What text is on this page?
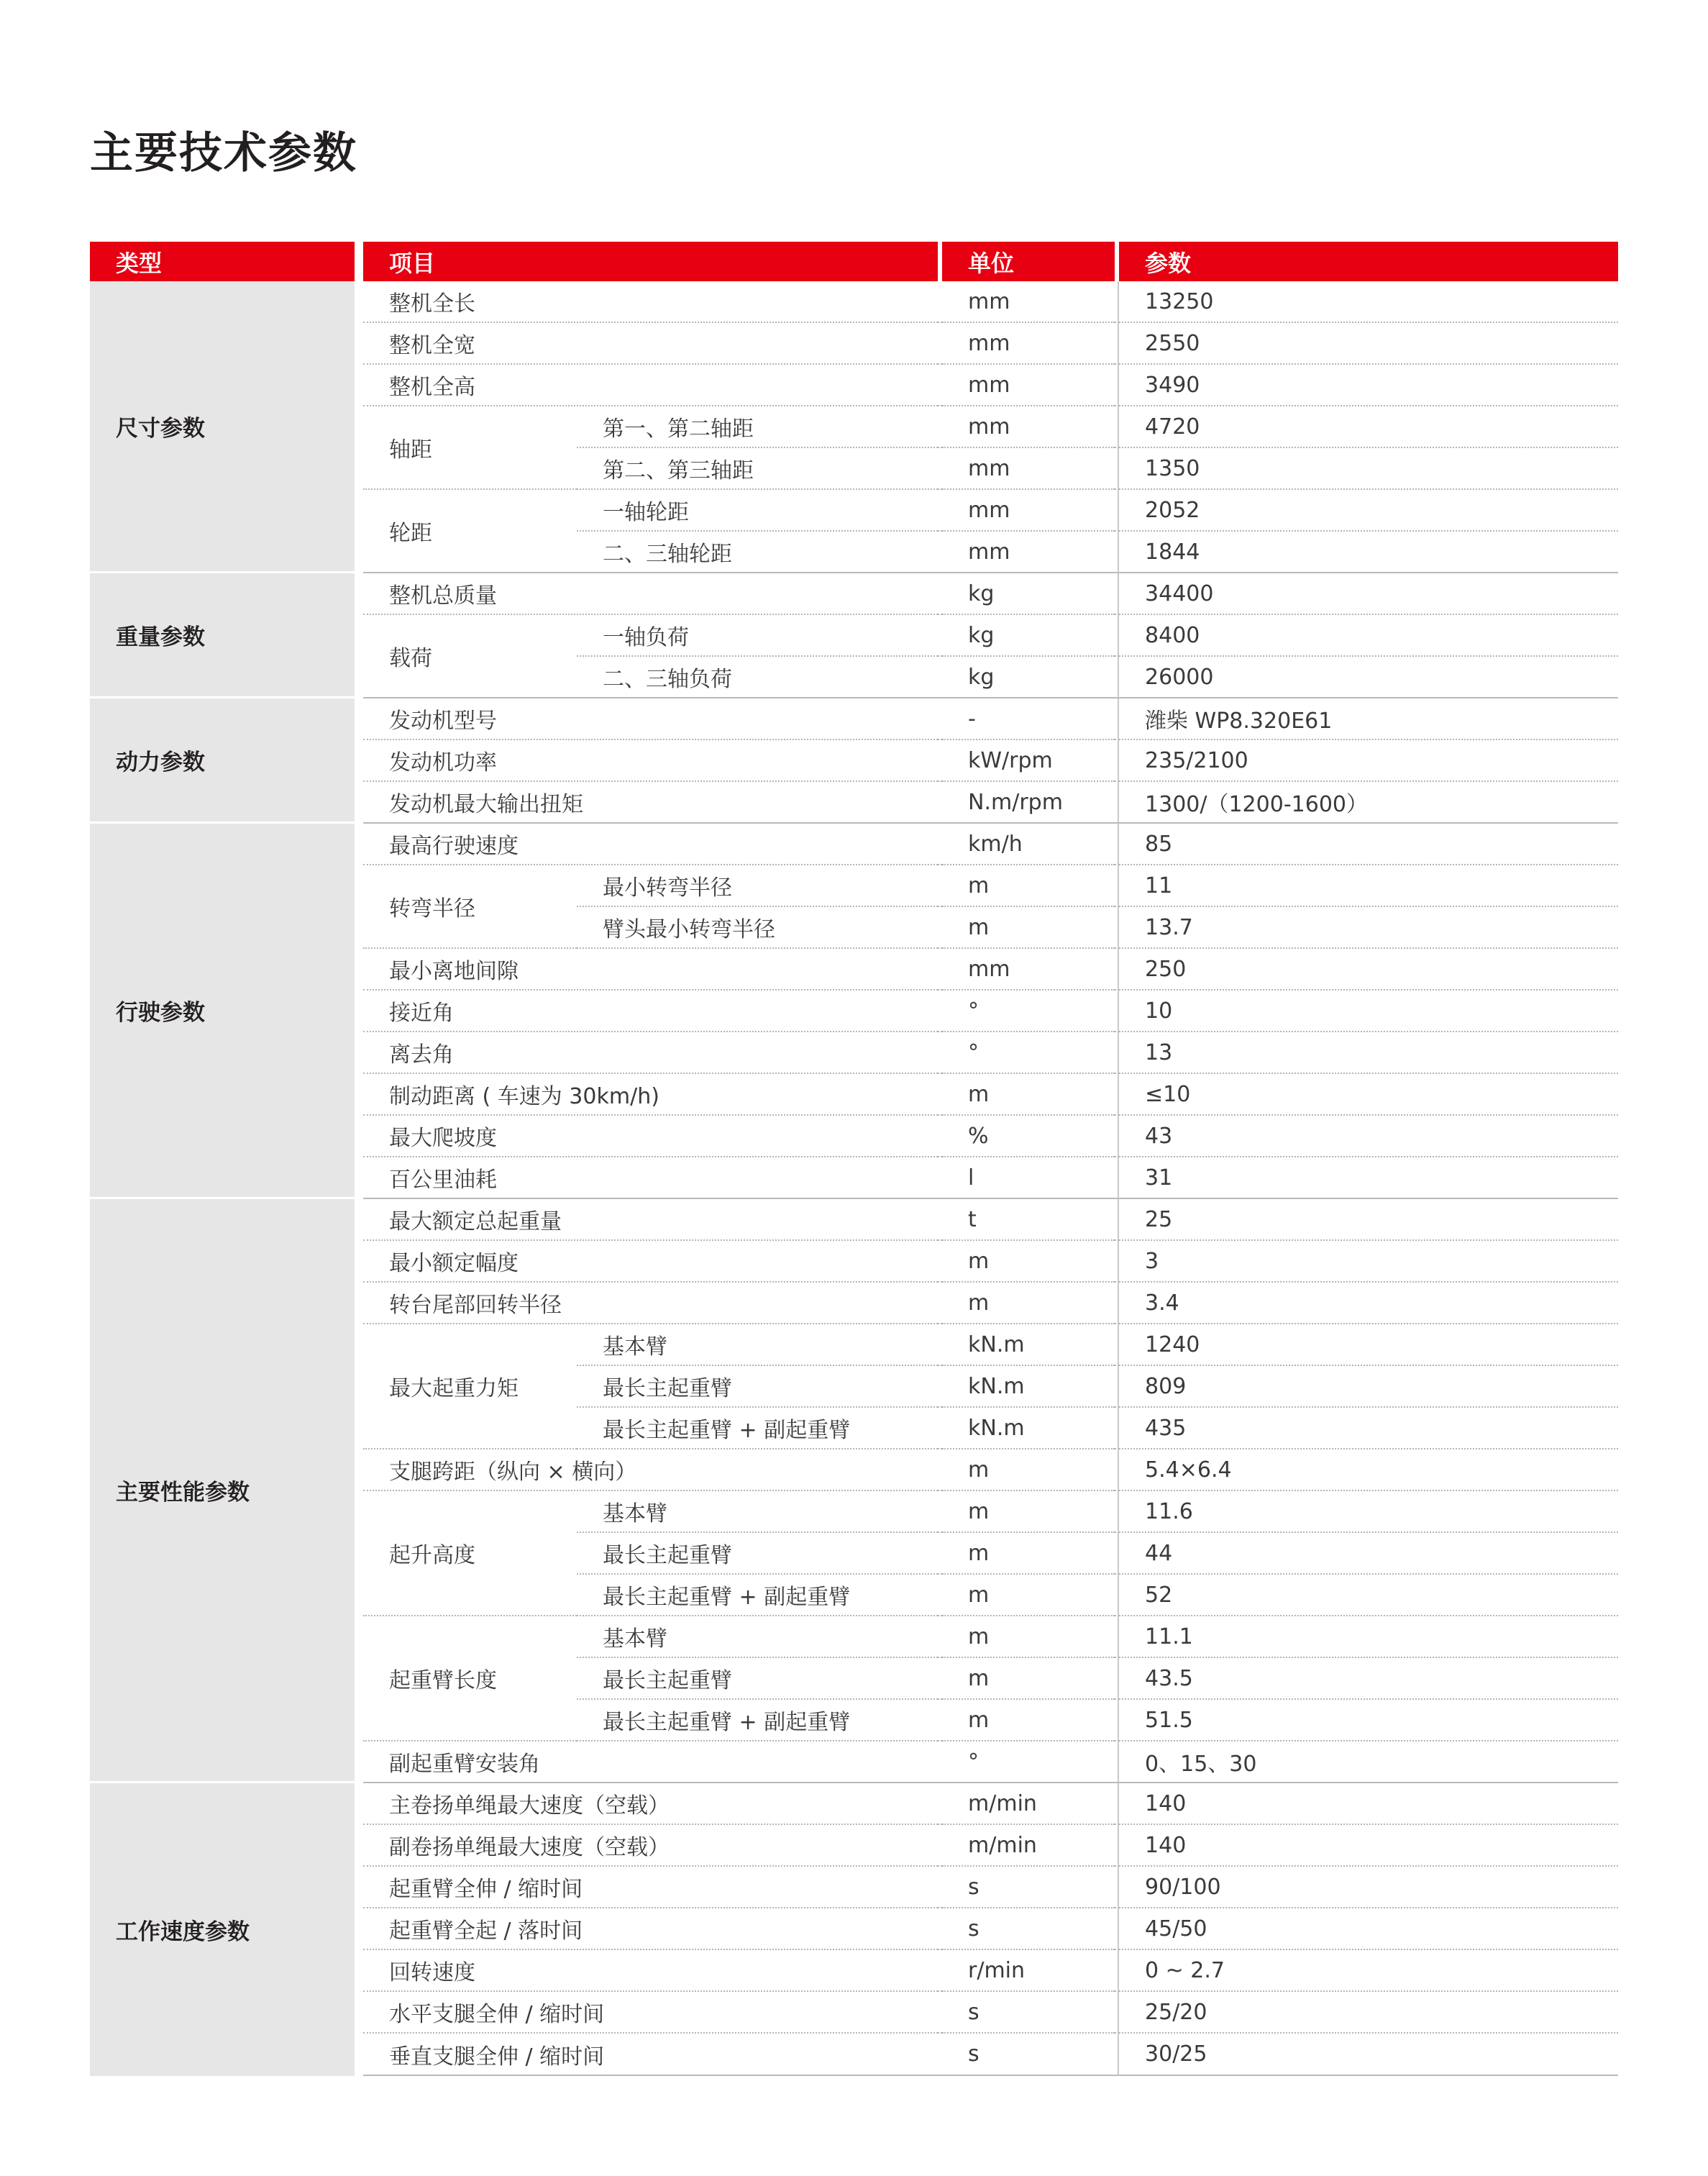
主要技术参数
类型		项目			单位		参数
尺寸参数		整机全长			mm		13250
		整机全宽			mm		2550
		整机全高			mm		3490
		轴距	第一、第二轴距		mm		4720
			第二、第三轴距		mm		1350
		轮距	一轴轮距		mm		2052
			二、三轴轮距		mm		1844
重量参数		整机总质量			kg		34400
		载荷	一轴负荷		kg		8400
			二、三轴负荷		kg		26000
动力参数		发动机型号			-		潍柴 WP8.320E61
		发动机功率			kW/rpm		235/2100
		发动机最大输出扭矩			N.m/rpm		1300/（1200-1600）
行驶参数		最高行驶速度			km/h		85
		转弯半径	最小转弯半径		m		11
			臂头最小转弯半径		m		13.7
		最小离地间隙			mm		250
		接近角			°		10
		离去角			°		13
		制动距离 ( 车速为 30km/h)			m		≤10
		最大爬坡度			%		43
		百公里油耗			l		31
主要性能参数		最大额定总起重量			t		25
		最小额定幅度			m		3
		转台尾部回转半径			m		3.4
		最大起重力矩	基本臂		kN.m		1240
			最长主起重臂		kN.m		809
			最长主起重臂 + 副起重臂		kN.m		435
		支腿跨距（纵向 × 横向）			m		5.4×6.4
		起升高度	基本臂		m		11.6
			最长主起重臂		m		44
			最长主起重臂 + 副起重臂		m		52
		起重臂长度	基本臂		m		11.1
			最长主起重臂		m		43.5
			最长主起重臂 + 副起重臂		m		51.5
		副起重臂安装角			°		0、15、30
工作速度参数		主卷扬单绳最大速度（空载）			m/min		140
		副卷扬单绳最大速度（空载）			m/min		140
		起重臂全伸 / 缩时间			s		90/100
		起重臂全起 / 落时间			s		45/50
		回转速度			r/min		0 ~ 2.7
		水平支腿全伸 / 缩时间			s		25/20
		垂直支腿全伸 / 缩时间			s		30/25
